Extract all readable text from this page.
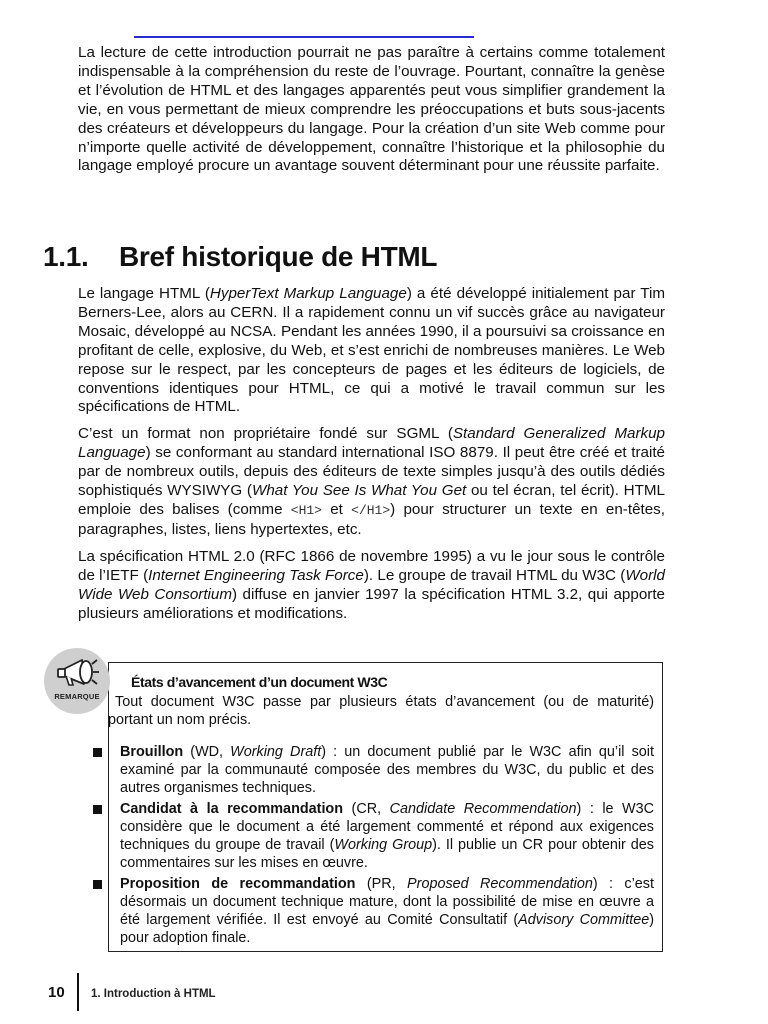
La lecture de cette introduction pourrait ne pas paraître à certains comme totalement indispensable à la compréhension du reste de l’ouvrage. Pourtant, connaître la genèse et l’évolution de HTML et des langages apparentés peut vous simplifier grandement la vie, en vous permettant de mieux comprendre les préoccupations et buts sous-jacents des créateurs et développeurs du langage. Pour la création d’un site Web comme pour n’importe quelle activité de développement, connaître l’historique et la philosophie du langage employé procure un avantage souvent déterminant pour une réussite parfaite.

1.1. Bref historique de HTML

Le langage HTML (HyperText Markup Language) a été développé initialement par Tim Berners-Lee, alors au CERN. Il a rapidement connu un vif succès grâce au navigateur Mosaic, développé au NCSA. Pendant les années 1990, il a poursuivi sa croissance en profitant de celle, explosive, du Web, et s’est enrichi de nombreuses manières. Le Web repose sur le respect, par les concepteurs de pages et les éditeurs de logiciels, de conventions identiques pour HTML, ce qui a motivé le travail commun sur les spécifications de HTML.

C’est un format non propriétaire fondé sur SGML (Standard Generalized Markup Language) se conformant au standard international ISO 8879. Il peut être créé et traité par de nombreux outils, depuis des éditeurs de texte simples jusqu’à des outils dédiés sophistiqués WYSIWYG (What You See Is What You Get ou tel écran, tel écrit). HTML emploie des balises (comme <H1> et </H1>) pour structurer un texte en en-têtes, paragraphes, listes, liens hypertextes, etc.

La spécification HTML 2.0 (RFC 1866 de novembre 1995) a vu le jour sous le contrôle de l’IETF (Internet Engineering Task Force). Le groupe de travail HTML du W3C (World Wide Web Consortium) diffuse en janvier 1997 la spécification HTML 3.2, qui apporte plusieurs améliorations et modifications.

REMARQUE
États d’avancement d’un document W3C
Tout document W3C passe par plusieurs états d’avancement (ou de maturité) portant un nom précis.
Brouillon (WD, Working Draft) : un document publié par le W3C afin qu’il soit examiné par la communauté composée des membres du W3C, du public et des autres organismes techniques.
Candidat à la recommandation (CR, Candidate Recommendation) : le W3C considère que le document a été largement commenté et répond aux exigences techniques du groupe de travail (Working Group). Il publie un CR pour obtenir des commentaires sur les mises en œuvre.
Proposition de recommandation (PR, Proposed Recommendation) : c’est désormais un document technique mature, dont la possibilité de mise en œuvre a été largement vérifiée. Il est envoyé au Comité Consultatif (Advisory Committee) pour adoption finale.
10 1. Introduction à HTML
